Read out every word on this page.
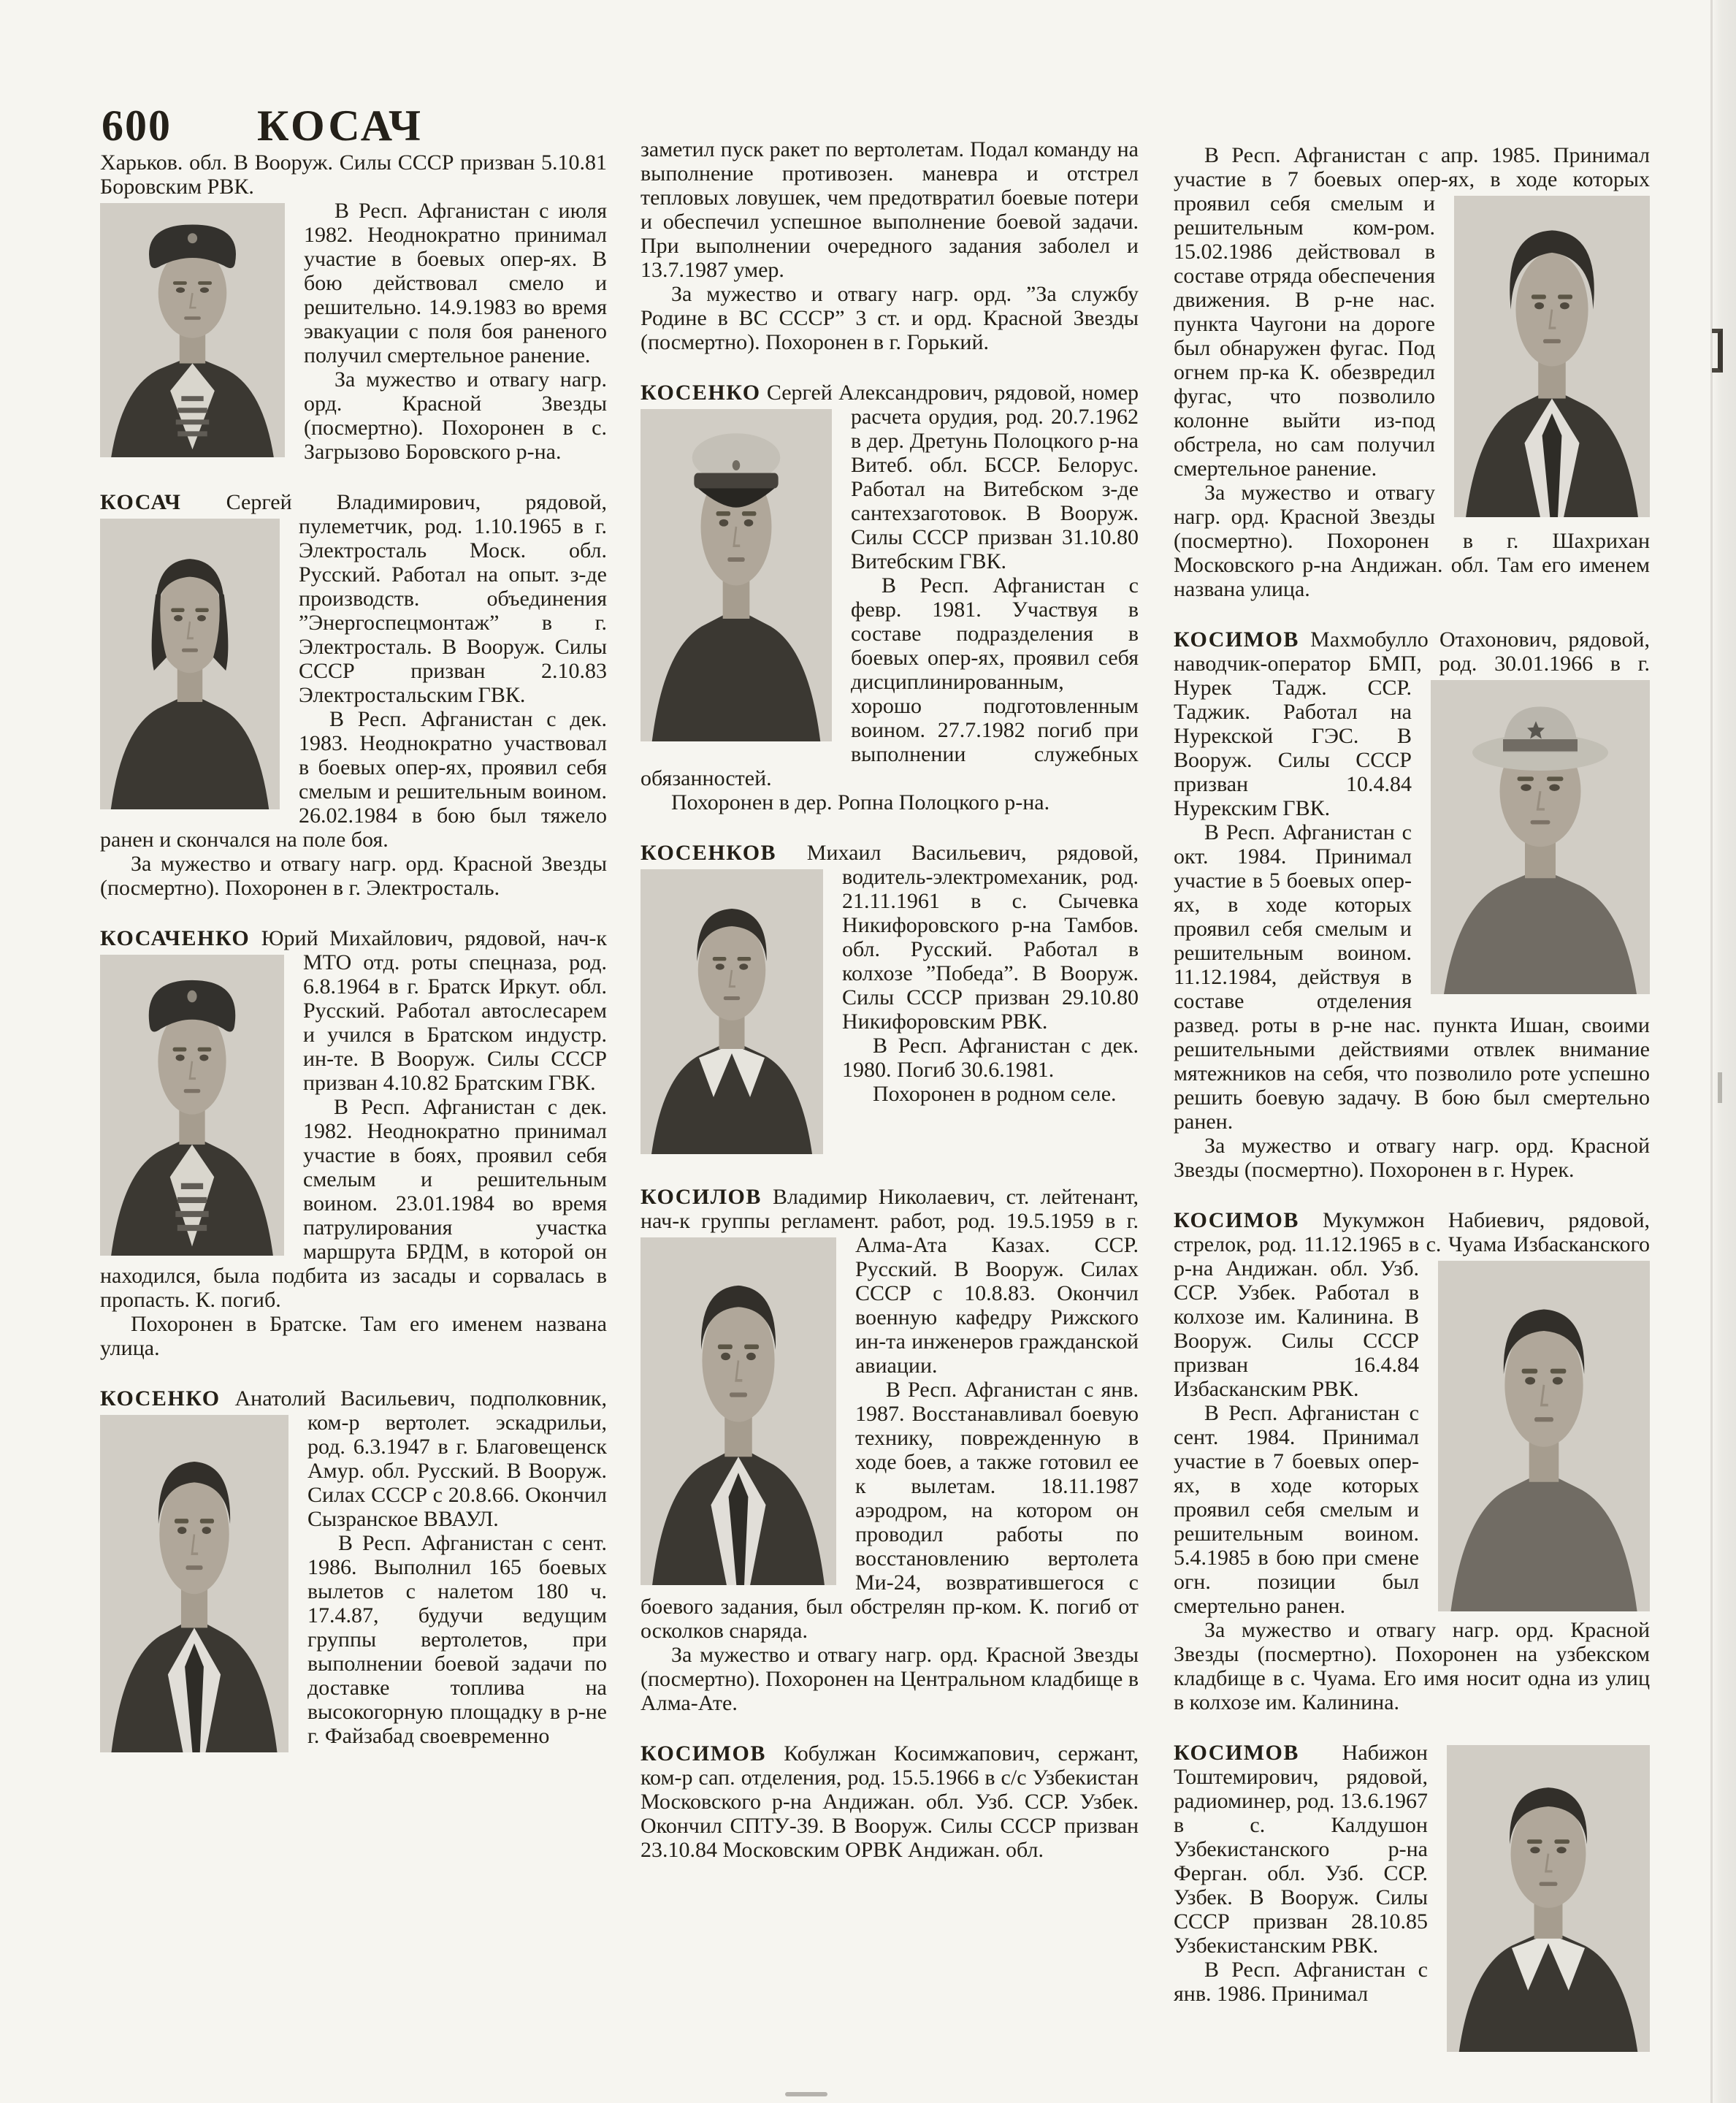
600 КОСАЧ

Харьков. обл. В Вооруж. Силы СССР призван 5.10.81 Боровским РВК.

В Респ. Афганистан с июля 1982. Неоднократно принимал участие в боевых опер-ях. В бою действовал смело и решительно. 14.9.1983 во время эвакуации с поля боя раненого получил смертельное ранение.

За мужество и отвагу нагр. орд. Красной Звезды (посмертно). Похоронен в с. Загрызово Боровского р-на.

КОСАЧ Сергей Владимирович, рядовой, пулеметчик, род. 1.10.1965
в г. Электросталь Моск. обл. Русский. Работал на опыт. з-де производств. объединения ”Энергоспецмонтаж” в г. Электросталь. В Вооруж. Силы СССР призван 2.10.83 Электростальским ГВК.

В Респ. Афганистан с дек. 1983. Неоднократно участвовал в боевых опер-ях, проявил себя смелым и решительным воином. 26.02.1984 в бою был тяжело ранен и скончался на поле боя.

За мужество и отвагу нагр. орд. Красной Звезды (посмертно). Похоронен в г. Электросталь.

КОСАЧЕНКО Юрий Михайлович, рядовой, нач-к МТО отд. роты спецназа,
род. 6.8.1964 в г. Братск Иркут. обл. Русский. Работал автослесарем и учился в Братском индустр. ин-те. В Вооруж. Силы СССР призван 4.10.82 Братским ГВК.

В Респ. Афганистан с дек. 1982. Неоднократно принимал участие в боях, проявил себя смелым и решительным воином. 23.01.1984 во время патрулирования участка маршрута БРДМ, в которой он находился, была подбита из засады и сорвалась в пропасть. К. погиб.

Похоронен в Братске. Там его именем названа улица.

КОСЕНКО Анатолий Васильевич, подполковник, ком-р вертолет. эскадрильи,
род. 6.3.1947 в г. Благовещенск Амур. обл. Русский. В Вооруж. Силах СССР с 20.8.66. Окончил Сызранское ВВАУЛ.

В Респ. Афганистан с сент. 1986. Выполнил 165 боевых вылетов с налетом 180 ч. 17.4.87, будучи ведущим группы вертолетов, при выполнении боевой задачи по доставке топлива на высокогорную площадку в р-не г. Файзабад своевременно

заметил пуск ракет по вертолетам. Подал команду на выполнение противозен. маневра и отстрел тепловых ловушек, чем предотвратил боевые потери и обеспечил успешное выполнение боевой задачи. При выполнении очередного задания заболел и 13.7.1987 умер.

За мужество и отвагу нагр. орд. ”За службу Родине в ВС СССР” 3 ст. и орд. Красной Звезды (посмертно). Похоронен в г. Горький.

КОСЕНКО Сергей Александрович, рядовой, номер расчета орудия, род. 20.7.1962
в дер. Дретунь Полоцкого р-на Витеб. обл. БССР. Белорус. Работал на Витебском з-де сантехзаготовок. В Вооруж. Силы СССР призван 31.10.80 Витебским ГВК.

В Респ. Афганистан с февр. 1981. Участвуя в составе подразделения в боевых опер-ях, проявил себя дисциплинированным, хорошо подготовленным воином. 27.7.1982 погиб при выполнении служебных обязанностей.

Похоронен в дер. Ропна Полоцкого р-на.

КОСЕНКОВ Михаил Васильевич, рядовой,
водитель-электромеханик, род. 21.11.1961 в с. Сычевка Никифоровского р-на Тамбов. обл. Русский. Работал в колхозе ”Победа”. В Вооруж. Силы СССР призван 29.10.80 Никифоровским РВК.

В Респ. Афганистан с дек. 1980. Погиб 30.6.1981.

Похоронен в родном селе.

КОСИЛОВ Владимир Николаевич, ст. лейтенант, нач-к группы регламент. работ,
род. 19.5.1959 в г. Алма-Ата Казах. ССР. Русский. В Вооруж. Силах СССР с 10.8.83. Окончил военную кафедру Рижского ин-та инженеров гражданской авиации.

В Респ. Афганистан с янв. 1987. Восстанавливал боевую технику, поврежденную в ходе боев, а также готовил ее к вылетам. 18.11.1987 аэродром, на котором он проводил работы по восстановлению вертолета Ми-24, возвратившегося с боевого задания, был обстрелян пр-ком. К. погиб от осколков снаряда.

За мужество и отвагу нагр. орд. Красной Звезды (посмертно). Похоронен на Центральном кладбище в Алма-Ате.

КОСИМОВ Кобулжан Косимжапович, сержант, ком-р сап. отделения, род. 15.5.1966 в с/с Узбекистан Московского р-на Андижан. обл. Узб. ССР. Узбек. Окончил СПТУ-39. В Вооруж. Силы СССР призван 23.10.84 Московским ОРВК Андижан. обл.

В Респ. Афганистан с апр. 1985. Принимал участие в 7 боевых опер-ях, в ходе
которых проявил себя смелым и решительным ком-ром. 15.02.1986 действовал в составе отряда обеспечения движения. В р-не нас. пункта Чаугони на дороге был обнаружен фугас. Под огнем пр-ка К. обезвредил фугас, что позволило колонне выйти из-под обстрела, но сам получил смертельное ранение.

За мужество и отвагу нагр. орд. Красной Звезды (посмертно). Похоронен в г. Шахрихан Московского р-на Андижан. обл. Там его именем названа улица.

КОСИМОВ Махмобулло Отахонович, рядовой, наводчик-оператор БМП, род.
30.01.1966 в г. Нурек Тадж. ССР. Таджик. Работал на Нурекской ГЭС. В Вооруж. Силы СССР призван 10.4.84 Нурекским ГВК.

В Респ. Афганистан с окт. 1984. Принимал участие в 5 боевых опер-ях, в ходе которых проявил себя смелым и решительным воином. 11.12.1984, действуя в составе отделения развед. роты в р-не нас. пункта Ишан, своими решительными действиями отвлек внимание мятежников на себя, что позволило роте успешно решить боевую задачу. В бою был смертельно ранен.

За мужество и отвагу нагр. орд. Красной Звезды (посмертно). Похоронен в г. Нурек.

КОСИМОВ Мукумжон Набиевич, рядовой, стрелок, род. 11.12.1965 в с. Чуама
Избасканского р-на Андижан. обл. Узб. ССР. Узбек. Работал в колхозе им. Калинина. В Вооруж. Силы СССР призван 16.4.84 Избасканским РВК.

В Респ. Афганистан с сент. 1984. Принимал участие в 7 боевых опер-ях, в ходе которых проявил себя смелым и решительным воином. 5.4.1985 в бою при смене огн. позиции был смертельно ранен.

За мужество и отвагу нагр. орд. Красной Звезды (посмертно). Похоронен на узбекском кладбище в с. Чуама. Его имя носит одна из улиц в колхозе им. Калинина.

КОСИМОВ Набижон Тоштемирович, рядовой, радиоминер, род. 13.6.1967 в с. Калдушон Узбекистанского р-на Ферган. обл. Узб. ССР. Узбек. В Вооруж. Силы СССР призван 28.10.85 Узбекистанским РВК.

В Респ. Афганистан с янв. 1986. Принимал
